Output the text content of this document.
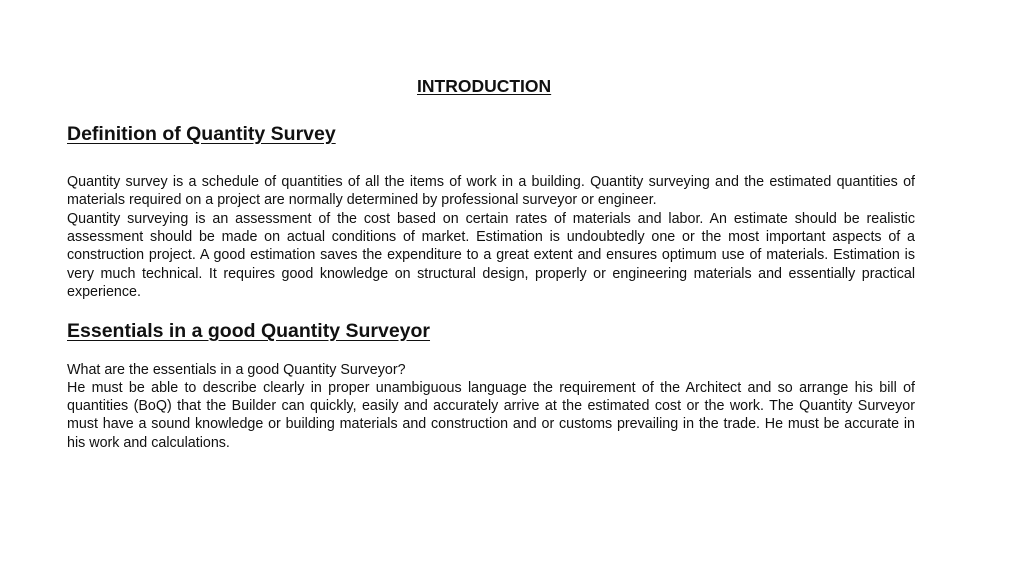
INTRODUCTION
Definition of Quantity Survey

Quantity survey is a schedule of quantities of all the items of work in a building. Quantity surveying and the estimated quantities of materials required on a project are normally determined by professional surveyor or engineer.

Quantity surveying is an assessment of the cost based on certain rates of materials and labor. An estimate should be realistic assessment should be made on actual conditions of market. Estimation is undoubtedly one or the most important aspects of a construction project. A good estimation saves the expenditure to a great extent and ensures optimum use of materials. Estimation is very much technical. It requires good knowledge on structural design, properly or engineering materials and essentially practical experience.

Essentials in a good Quantity Surveyor

What are the essentials in a good Quantity Surveyor?

He must be able to describe clearly in proper unambiguous language the requirement of the Architect and so arrange his bill of quantities (BoQ) that the Builder can quickly, easily and accurately arrive at the estimated cost or the work. The Quantity Surveyor must have a sound knowledge or building materials and construction and or customs prevailing in the trade. He must be accurate in his work and calculations.
